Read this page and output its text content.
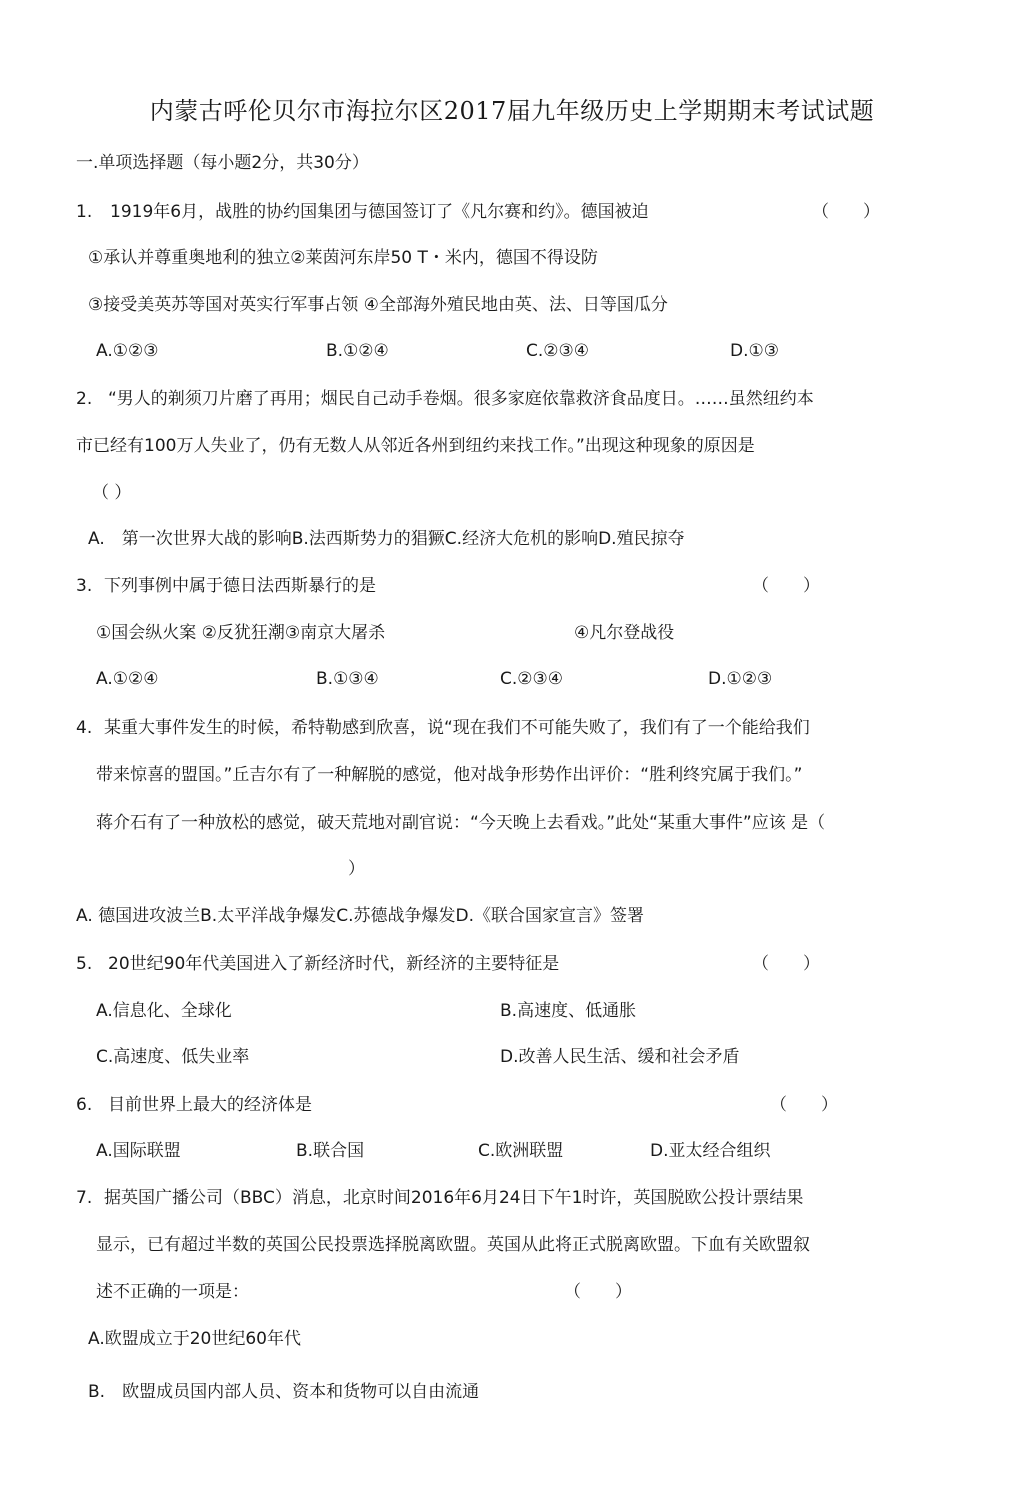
内蒙古呼伦贝尔市海拉尔区2017届九年级历史上学期期末考试试题
一.单项选择题（每小题2分，共30分）
1. 1919年6月，战胜的协约国集团与德国签订了《凡尔赛和约》。德国被迫	（　　）
①承认并尊重奥地利的独立②莱茵河东岸50 T・米内，德国不得设防
③接受美英苏等国对英实行军事占领 ④全部海外殖民地由英、法、日等国瓜分
A.①②③	B.①②④	C.②③④	D.①③
2. “男人的剃须刀片磨了再用；烟民自己动手卷烟。很多家庭依靠救济食品度日。……虽然纽约本
市已经有100万人失业了，仍有无数人从邻近各州到纽约来找工作。”出现这种现象的原因是
（ ）
A.　第一次世界大战的影响B.法西斯势力的猖獗C.经济大危机的影响D.殖民掠夺
3. 下列事例中属于德日法西斯暴行的是	（　　）
①国会纵火案 ②反犹狂潮③南京大屠杀	④凡尔登战役
A.①②④	B.①③④	C.②③④	D.①②③
4. 某重大事件发生的时候，希特勒感到欣喜，说“现在我们不可能失败了，我们有了一个能给我们
带来惊喜的盟国。”丘吉尔有了一种解脱的感觉，他对战争形势作出评价：“胜利终究属于我们。”
蒋介石有了一种放松的感觉，破天荒地对副官说：“今天晚上去看戏。”此处“某重大事件”应该 是（
）
A. 德国进攻波兰B.太平洋战争爆发C.苏德战争爆发D.《联合国家宣言》签署
5. 20世纪90年代美国进入了新经济时代，新经济的主要特征是	（　　）
A.信息化、全球化	B.高速度、低通胀
C.高速度、低失业率	D.改善人民生活、缓和社会矛盾
6. 目前世界上最大的经济体是	（　　）
A.国际联盟	B.联合国	C.欧洲联盟	D.亚太经合组织
7. 据英国广播公司（BBC）消息，北京时间2016年6月24日下午1时许，英国脱欧公投计票结果
显示，已有超过半数的英国公民投票选择脱离欧盟。英国从此将正式脱离欧盟。下血有关欧盟叙
述不正确的一项是：	（　　）
A.欧盟成立于20世纪60年代
B.　欧盟成员国内部人员、资本和货物可以自由流通
